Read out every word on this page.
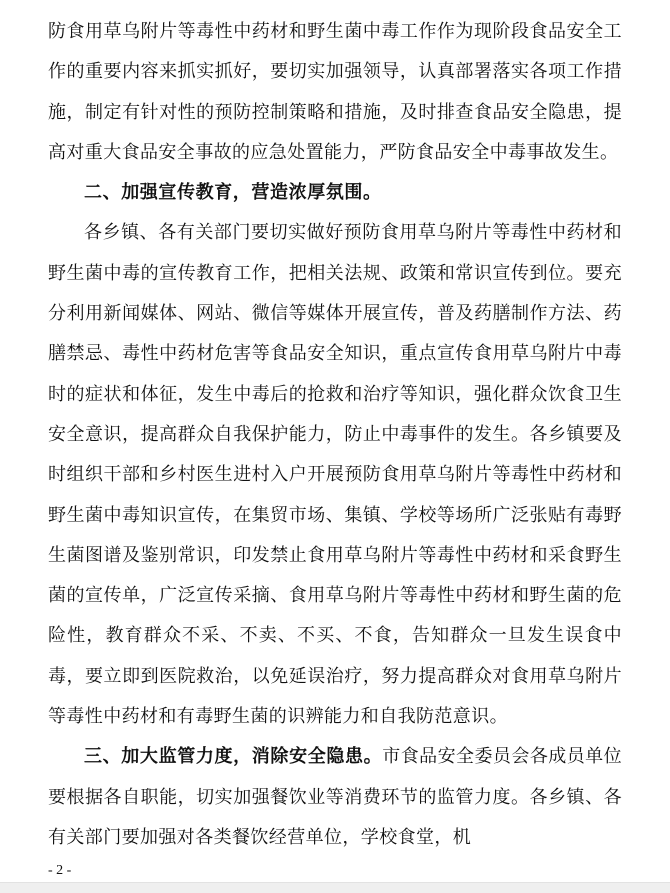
防食用草乌附片等毒性中药材和野生菌中毒工作作为现阶段食品安全工作的重要内容来抓实抓好，要切实加强领导，认真部署落实各项工作措施，制定有针对性的预防控制策略和措施，及时排查食品安全隐患，提高对重大食品安全事故的应急处置能力，严防食品安全中毒事故发生。

二、加强宣传教育，营造浓厚氛围。

各乡镇、各有关部门要切实做好预防食用草乌附片等毒性中药材和野生菌中毒的宣传教育工作，把相关法规、政策和常识宣传到位。要充分利用新闻媒体、网站、微信等媒体开展宣传，普及药膳制作方法、药膳禁忌、毒性中药材危害等食品安全知识，重点宣传食用草乌附片中毒时的症状和体征，发生中毒后的抢救和治疗等知识，强化群众饮食卫生安全意识，提高群众自我保护能力，防止中毒事件的发生。各乡镇要及时组织干部和乡村医生进村入户开展预防食用草乌附片等毒性中药材和野生菌中毒知识宣传，在集贸市场、集镇、学校等场所广泛张贴有毒野生菌图谱及鉴别常识，印发禁止食用草乌附片等毒性中药材和采食野生菌的宣传单，广泛宣传采摘、食用草乌附片等毒性中药材和野生菌的危险性，教育群众不采、不卖、不买、不食，告知群众一旦发生误食中毒，要立即到医院救治，以免延误治疗，努力提高群众对食用草乌附片等毒性中药材和有毒野生菌的识辨能力和自我防范意识。

三、加大监管力度，消除安全隐患。市食品安全委员会各成员单位要根据各自职能，切实加强餐饮业等消费环节的监管力度。各乡镇、各有关部门要加强对各类餐饮经营单位，学校食堂，机

- 2 -
